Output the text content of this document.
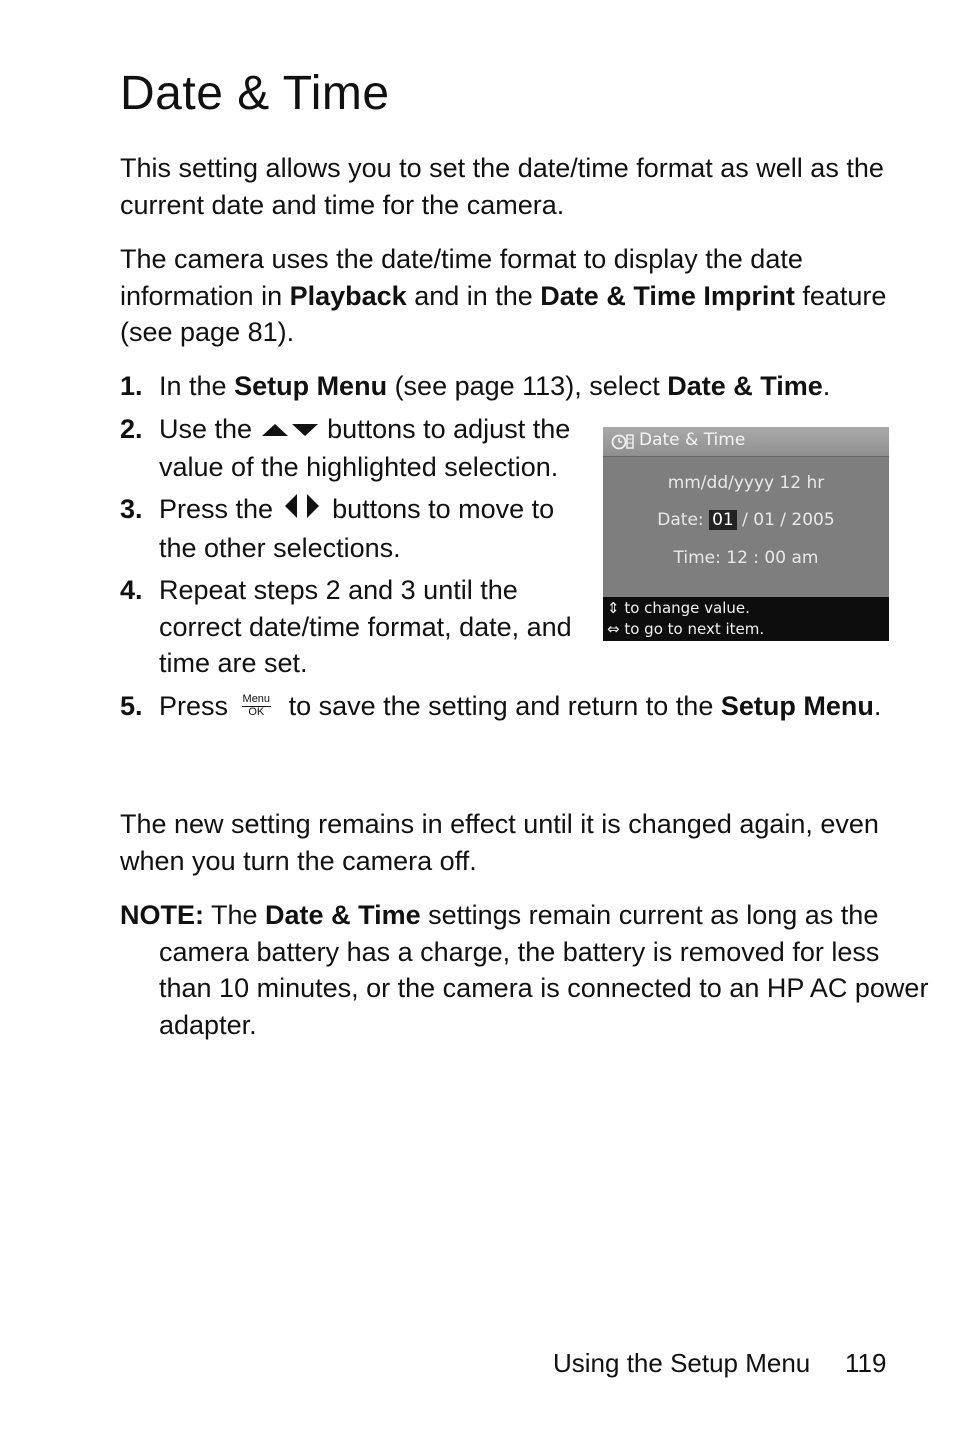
Date & Time

This setting allows you to set the date/time format as well as the current date and time for the camera.

The camera uses the date/time format to display the date information in Playback and in the Date & Time Imprint feature (see page 81).

1. In the Setup Menu (see page 113), select Date & Time.
2. Use the  buttons to adjust the value of the highlighted selection.
3. Press the  buttons to move to the other selections.
4. Repeat steps 2 and 3 until the correct date/time format, date, and time are set.
5. Press Menu
OK to save the setting and return to the Setup Menu.

The new setting remains in effect until it is changed again, even when you turn the camera off.

NOTE: The Date & Time settings remain current as long as the camera battery has a charge, the battery is removed for less than 10 minutes, or the camera is connected to an HP AC power adapter.
Date & Time
mm/dd/yyyy 12 hr
Date: 01 / 01 / 2005
Time: 12 : 00 am
⇕ to change value.
⇔ to go to next item.
Using the Setup Menu 119
